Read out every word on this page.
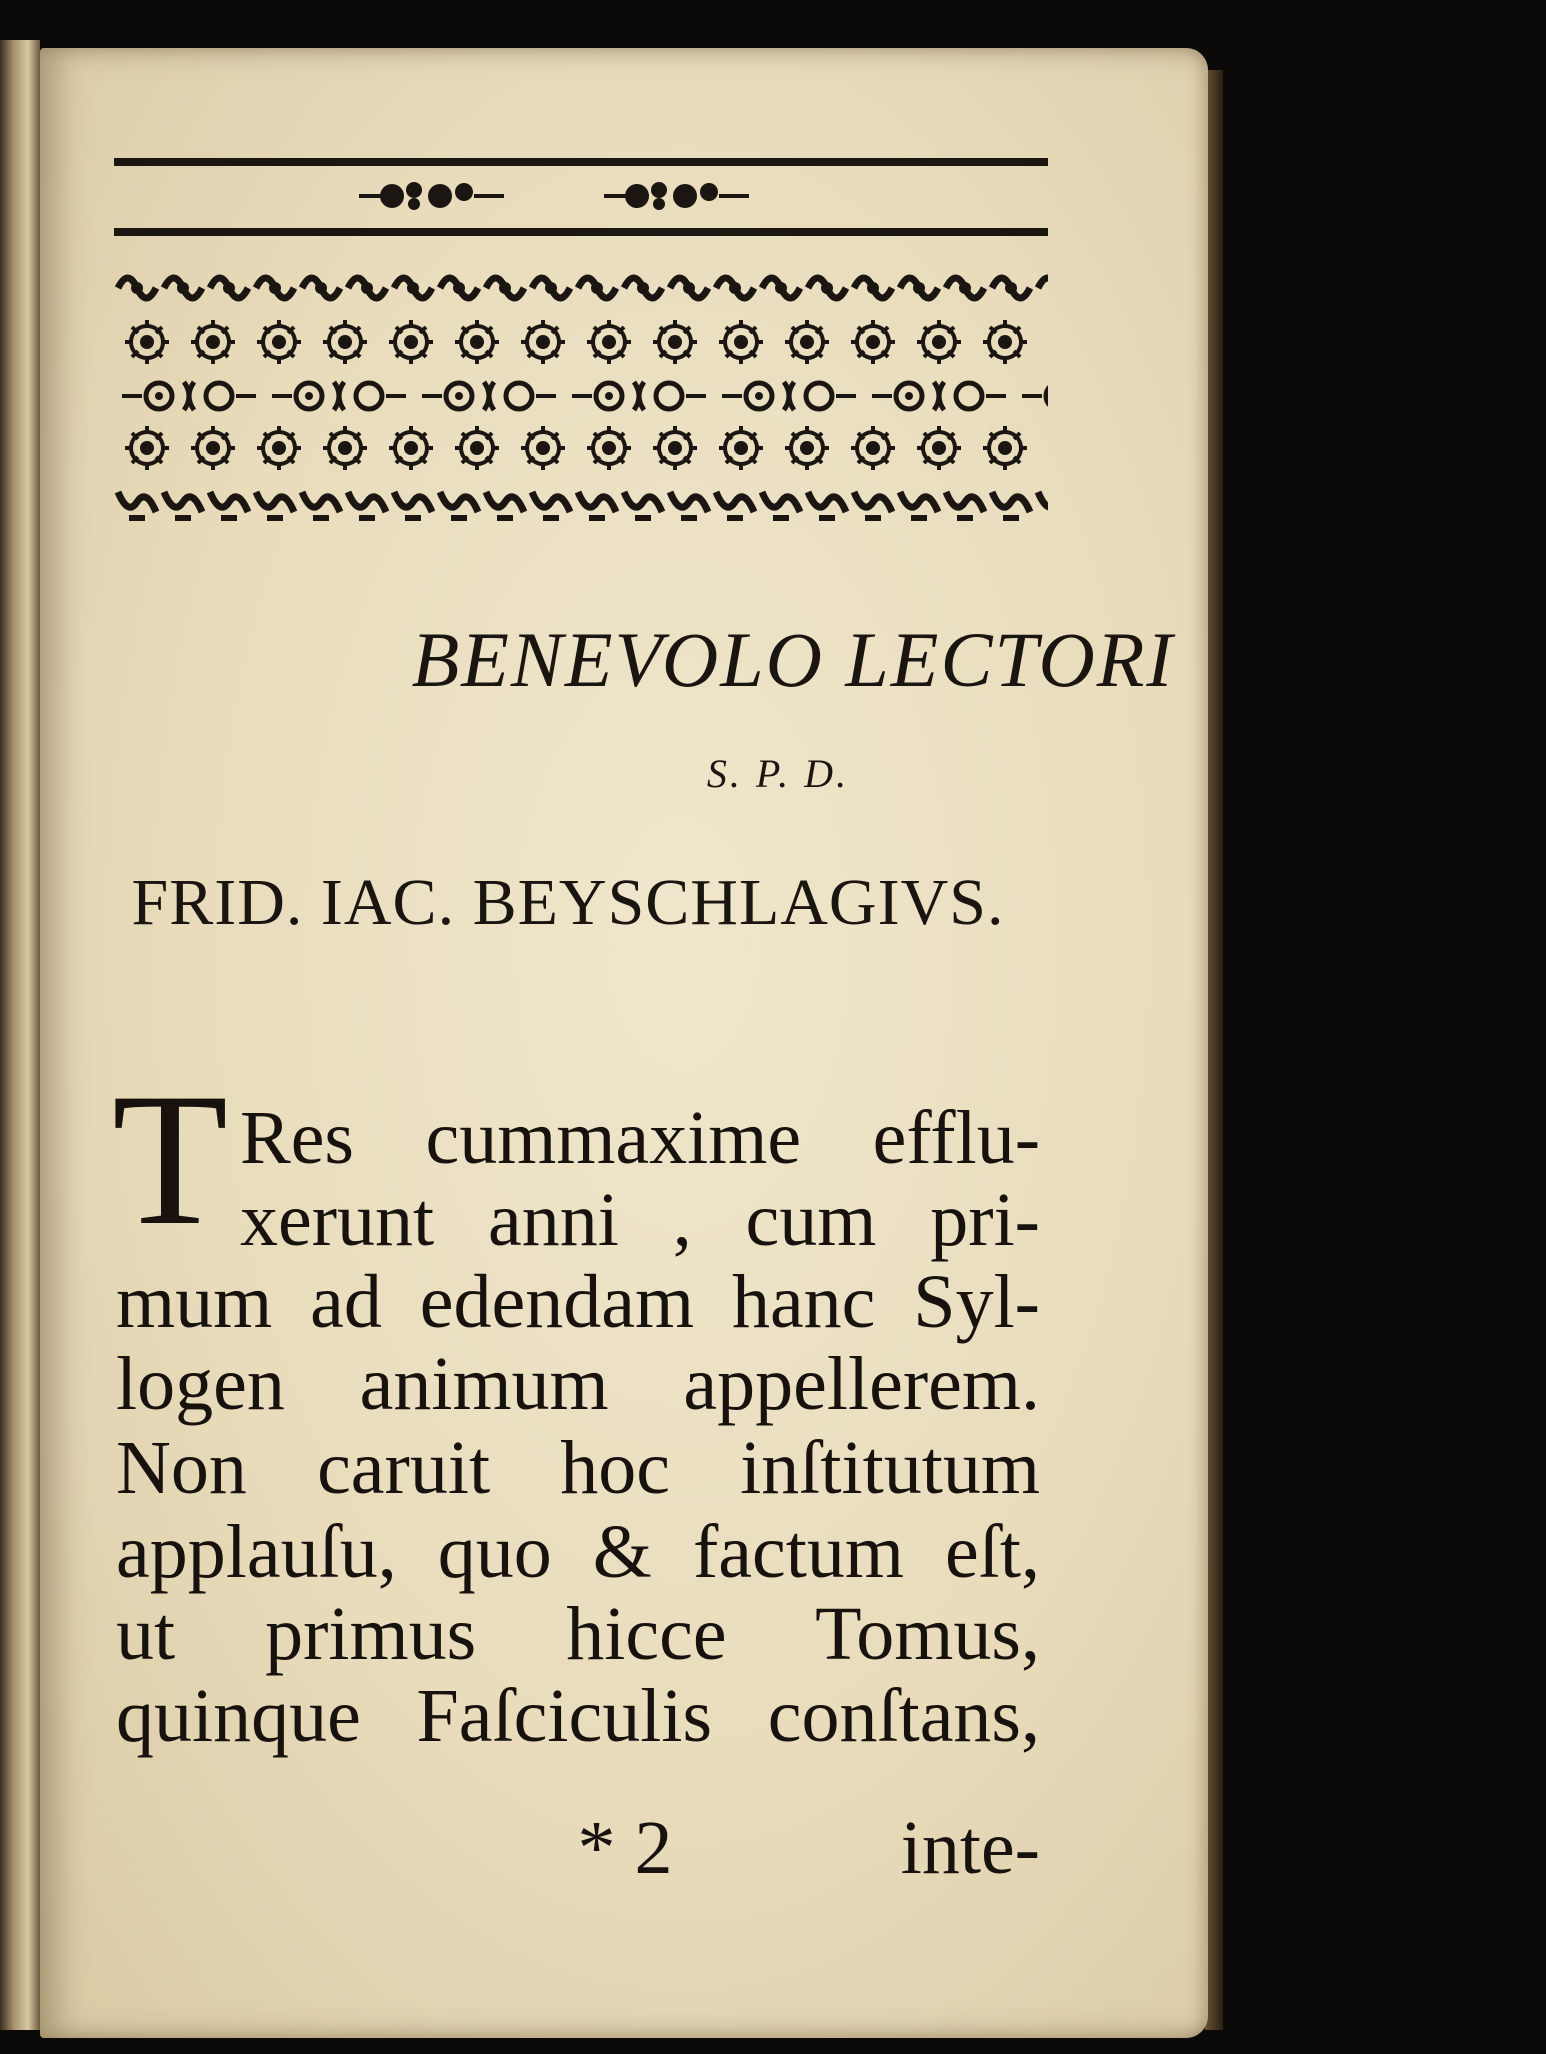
BENEVOLO LECTORI
S. P. D.
FRID. IAC. BEYSCHLAGIVS.
T Res cummaxime efflu-
xerunt anni , cum pri-
mum ad edendam hanc Syl-
logen animum appellerem.
Non caruit hoc inſtitutum
applauſu, quo & factum eſt,
ut primus hicce Tomus,
quinque Faſciculis conſtans,
* 2	inte-
